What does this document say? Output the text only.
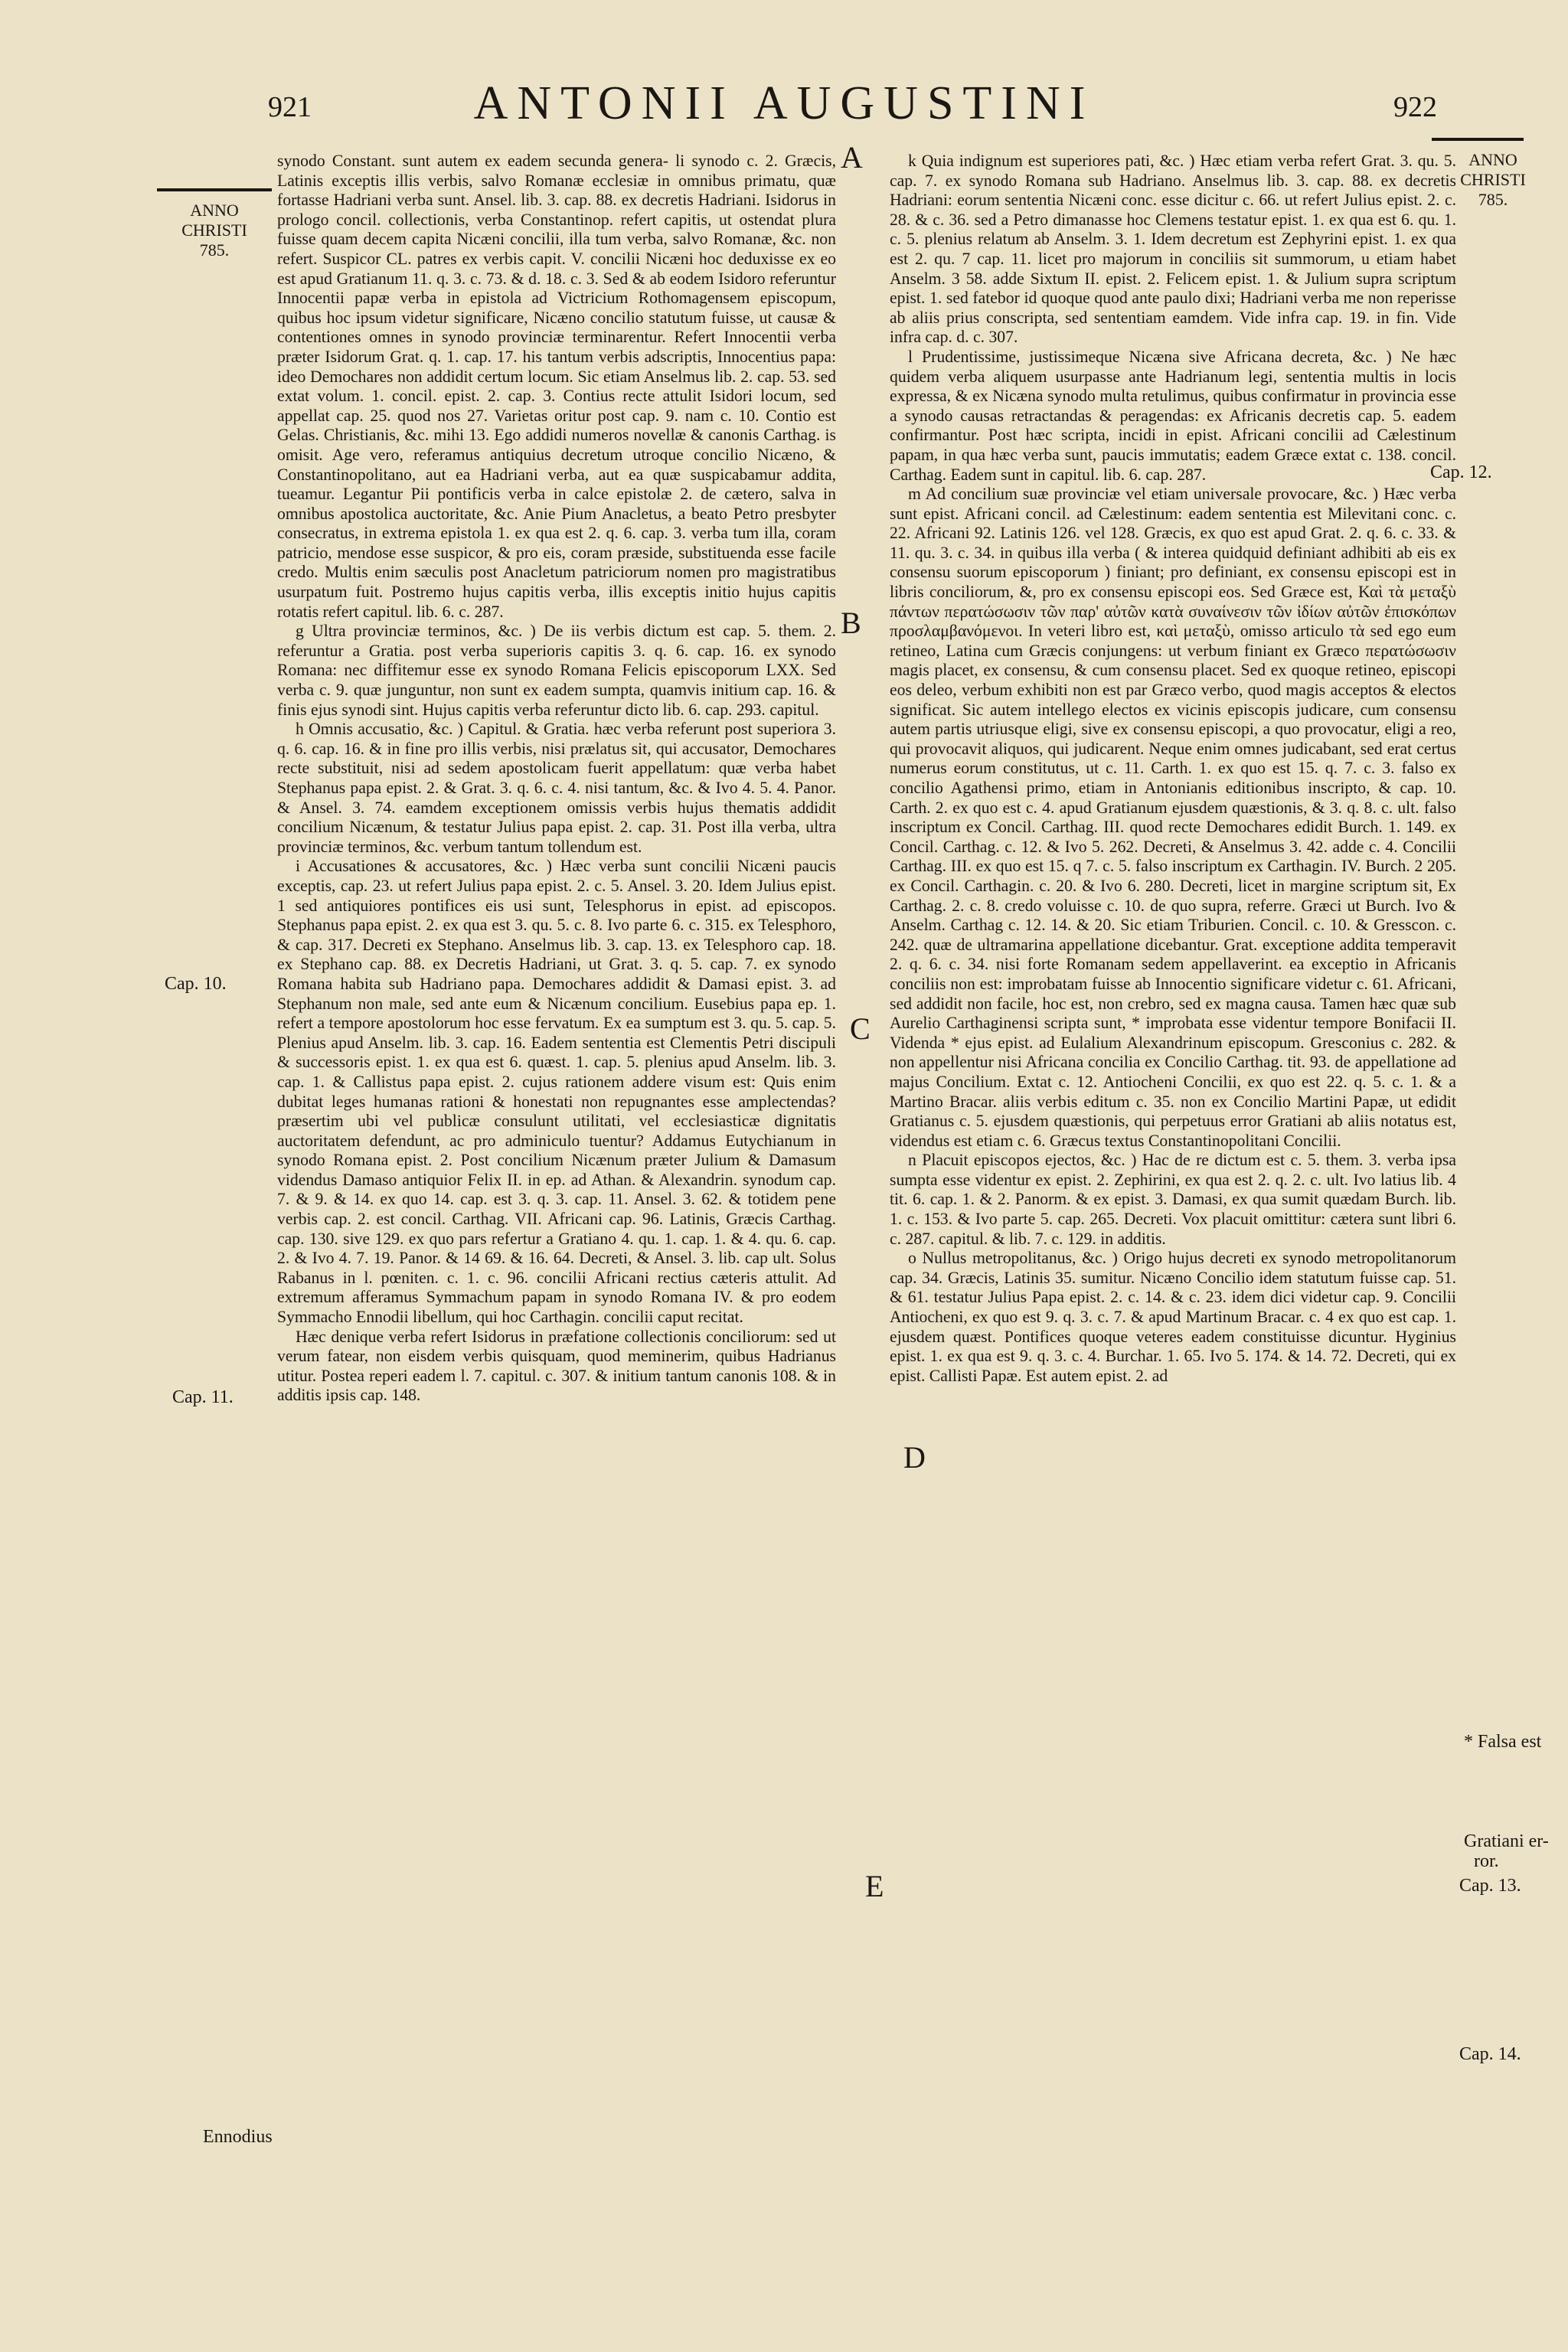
921	ANTONII AUGUSTINI	922
ANNO
CHRISTI
785.
ANNO
CHRISTI
785.
Cap. 10.
Cap. 11.
Ennodius
Cap. 12.
* Falsa est
Gratiani er-
ror.
Cap. 13.
Cap. 14.
A
B
C
D
E

synodo Constant. sunt autem ex eadem secunda genera- li synodo c. 2. Græcis, Latinis exceptis illis verbis, salvo Romanæ ecclesiæ in omnibus primatu, quæ fortasse Hadriani verba sunt. Ansel. lib. 3. cap. 88. ex decretis Hadriani. Isidorus in prologo concil. collectionis, verba Constantinop. refert capitis, ut ostendat plura fuisse quam decem capita Nicæni concilii, illa tum verba, salvo Romanæ, &c. non refert. Suspicor CL. patres ex verbis capit. V. concilii Nicæni hoc deduxisse ex eo est apud Gratianum 11. q. 3. c. 73. & d. 18. c. 3. Sed & ab eodem Isidoro referuntur Innocentii papæ verba in epistola ad Victricium Rothomagensem episcopum, quibus hoc ipsum videtur significare, Nicæno concilio statutum fuisse, ut causæ & contentiones omnes in synodo provinciæ terminarentur. Refert Innocentii verba præter Isidorum Grat. q. 1. cap. 17. his tantum verbis adscriptis, Innocentius papa: ideo Demochares non addidit certum locum. Sic etiam Anselmus lib. 2. cap. 53. sed extat volum. 1. concil. epist. 2. cap. 3. Contius recte attulit Isidori locum, sed appellat cap. 25. quod nos 27. Varietas oritur post cap. 9. nam c. 10. Contio est Gelas. Christianis, &c. mihi 13. Ego addidi numeros novellæ & canonis Carthag. is omisit. Age vero, referamus antiquius decretum utroque concilio Nicæno, & Constantinopolitano, aut ea Hadriani verba, aut ea quæ suspicabamur addita, tueamur. Legantur Pii pontificis verba in calce epistolæ 2. de cætero, salva in omnibus apostolica auctoritate, &c. Anie Pium Anacletus, a beato Petro presbyter consecratus, in extrema epistola 1. ex qua est 2. q. 6. cap. 3. verba tum illa, coram patricio, mendose esse suspicor, & pro eis, coram præside, substituenda esse facile credo. Multis enim sæculis post Anacletum patriciorum nomen pro magistratibus usurpatum fuit. Postremo hujus capitis verba, illis exceptis initio hujus capitis rotatis refert capitul. lib. 6. c. 287.

g Ultra provinciæ terminos, &c. ) De iis verbis dictum est cap. 5. them. 2. referuntur a Gratia. post verba superioris capitis 3. q. 6. cap. 16. ex synodo Romana: nec diffitemur esse ex synodo Romana Felicis episcoporum LXX. Sed verba c. 9. quæ junguntur, non sunt ex eadem sumpta, quamvis initium cap. 16. & finis ejus synodi sint. Hujus capitis verba referuntur dicto lib. 6. cap. 293. capitul.

h Omnis accusatio, &c. ) Capitul. & Gratia. hæc verba referunt post superiora 3. q. 6. cap. 16. & in fine pro illis verbis, nisi prælatus sit, qui accusator, Demochares recte substituit, nisi ad sedem apostolicam fuerit appellatum: quæ verba habet Stephanus papa epist. 2. & Grat. 3. q. 6. c. 4. nisi tantum, &c. & Ivo 4. 5. 4. Panor. & Ansel. 3. 74. eamdem exceptionem omissis verbis hujus thematis addidit concilium Nicænum, & testatur Julius papa epist. 2. cap. 31. Post illa verba, ultra provinciæ terminos, &c. verbum tantum tollendum est.

i Accusationes & accusatores, &c. ) Hæc verba sunt concilii Nicæni paucis exceptis, cap. 23. ut refert Julius papa epist. 2. c. 5. Ansel. 3. 20. Idem Julius epist. 1 sed antiquiores pontifices eis usi sunt, Telesphorus in epist. ad episcopos. Stephanus papa epist. 2. ex qua est 3. qu. 5. c. 8. Ivo parte 6. c. 315. ex Telesphoro, & cap. 317. Decreti ex Stephano. Anselmus lib. 3. cap. 13. ex Telesphoro cap. 18. ex Stephano cap. 88. ex Decretis Hadriani, ut Grat. 3. q. 5. cap. 7. ex synodo Romana habita sub Hadriano papa. Demochares addidit & Damasi epist. 3. ad Stephanum non male, sed ante eum & Nicænum concilium. Eusebius papa ep. 1. refert a tempore apostolorum hoc esse fervatum. Ex ea sumptum est 3. qu. 5. cap. 5. Plenius apud Anselm. lib. 3. cap. 16. Eadem sententia est Clementis Petri discipuli & successoris epist. 1. ex qua est 6. quæst. 1. cap. 5. plenius apud Anselm. lib. 3. cap. 1. & Callistus papa epist. 2. cujus rationem addere visum est: Quis enim dubitat leges humanas rationi & honestati non repugnantes esse amplectendas? præsertim ubi vel publicæ consulunt utilitati, vel ecclesiasticæ dignitatis auctoritatem defendunt, ac pro adminiculo tuentur? Addamus Eutychianum in synodo Romana epist. 2. Post concilium Nicænum præter Julium & Damasum videndus Damaso antiquior Felix II. in ep. ad Athan. & Alexandrin. synodum cap. 7. & 9. & 14. ex quo 14. cap. est 3. q. 3. cap. 11. Ansel. 3. 62. & totidem pene verbis cap. 2. est concil. Carthag. VII. Africani cap. 96. Latinis, Græcis Carthag. cap. 130. sive 129. ex quo pars refertur a Gratiano 4. qu. 1. cap. 1. & 4. qu. 6. cap. 2. & Ivo 4. 7. 19. Panor. & 14 69. & 16. 64. Decreti, & Ansel. 3. lib. cap ult. Solus Rabanus in l. pœniten. c. 1. c. 96. concilii Africani rectius cæteris attulit. Ad extremum afferamus Symmachum papam in synodo Romana IV. & pro eodem Symmacho Ennodii libellum, qui hoc Carthagin. concilii caput recitat.

Hæc denique verba refert Isidorus in præfatione collectionis conciliorum: sed ut verum fatear, non eisdem verbis quisquam, quod meminerim, quibus Hadrianus utitur. Postea reperi eadem l. 7. capitul. c. 307. & initium tantum canonis 108. & in additis ipsis cap. 148.

k Quia indignum est superiores pati, &c. ) Hæc etiam verba refert Grat. 3. qu. 5. cap. 7. ex synodo Romana sub Hadriano. Anselmus lib. 3. cap. 88. ex decretis Hadriani: eorum sententia Nicæni conc. esse dicitur c. 66. ut refert Julius epist. 2. c. 28. & c. 36. sed a Petro dimanasse hoc Clemens testatur epist. 1. ex qua est 6. qu. 1. c. 5. plenius relatum ab Anselm. 3. 1. Idem decretum est Zephyrini epist. 1. ex qua est 2. qu. 7 cap. 11. licet pro majorum in conciliis sit summorum, u etiam habet Anselm. 3 58. adde Sixtum II. epist. 2. Felicem epist. 1. & Julium supra scriptum epist. 1. sed fatebor id quoque quod ante paulo dixi; Hadriani verba me non reperisse ab aliis prius conscripta, sed sententiam eamdem. Vide infra cap. 19. in fin. Vide infra cap. d. c. 307.

l Prudentissime, justissimeque Nicæna sive Africana decreta, &c. ) Ne hæc quidem verba aliquem usurpasse ante Hadrianum legi, sententia multis in locis expressa, & ex Nicæna synodo multa retulimus, quibus confirmatur in provincia esse a synodo causas retractandas & peragendas: ex Africanis decretis cap. 5. eadem confirmantur. Post hæc scripta, incidi in epist. Africani concilii ad Cælestinum papam, in qua hæc verba sunt, paucis immutatis; eadem Græce extat c. 138. concil. Carthag. Eadem sunt in capitul. lib. 6. cap. 287.

m Ad concilium suæ provinciæ vel etiam universale provocare, &c. ) Hæc verba sunt epist. Africani concil. ad Cælestinum: eadem sententia est Milevitani conc. c. 22. Africani 92. Latinis 126. vel 128. Græcis, ex quo est apud Grat. 2. q. 6. c. 33. & 11. qu. 3. c. 34. in quibus illa verba ( & interea quidquid definiant adhibiti ab eis ex consensu suorum episcoporum ) finiant; pro definiant, ex consensu episcopi est in libris conciliorum, &, pro ex consensu episcopi eos. Sed Græce est, Καὶ τὰ μεταξὺ πάντων περατώσωσιν τῶν παρ' αὐτῶν κατὰ συναίνεσιν τῶν ἰδίων αὐτῶν ἐπισκόπων προσλαμβανόμενοι. In veteri libro est, καὶ μεταξὺ, omisso articulo τὰ sed ego eum retineo, Latina cum Græcis conjungens: ut verbum finiant ex Græco περατώσωσιν magis placet, ex consensu, & cum consensu placet. Sed ex quoque retineo, episcopi eos deleo, verbum exhibiti non est par Græco verbo, quod magis acceptos & electos significat. Sic autem intellego electos ex vicinis episcopis judicare, cum consensu autem partis utriusque eligi, sive ex consensu episcopi, a quo provocatur, eligi a reo, qui provocavit aliquos, qui judicarent. Neque enim omnes judicabant, sed erat certus numerus eorum constitutus, ut c. 11. Carth. 1. ex quo est 15. q. 7. c. 3. falso ex concilio Agathensi primo, etiam in Antonianis editionibus inscripto, & cap. 10. Carth. 2. ex quo est c. 4. apud Gratianum ejusdem quæstionis, & 3. q. 8. c. ult. falso inscriptum ex Concil. Carthag. III. quod recte Demochares edidit Burch. 1. 149. ex Concil. Carthag. c. 12. & Ivo 5. 262. Decreti, & Anselmus 3. 42. adde c. 4. Concilii Carthag. III. ex quo est 15. q 7. c. 5. falso inscriptum ex Carthagin. IV. Burch. 2 205. ex Concil. Carthagin. c. 20. & Ivo 6. 280. Decreti, licet in margine scriptum sit, Ex Carthag. 2. c. 8. credo voluisse c. 10. de quo supra, referre. Græci ut Burch. Ivo & Anselm. Carthag c. 12. 14. & 20. Sic etiam Triburien. Concil. c. 10. & Gresscon. c. 242. quæ de ultramarina appellatione dicebantur. Grat. exceptione addita temperavit 2. q. 6. c. 34. nisi forte Romanam sedem appellaverint. ea exceptio in Africanis conciliis non est: improbatam fuisse ab Innocentio significare videtur c. 61. Africani, sed addidit non facile, hoc est, non crebro, sed ex magna causa. Tamen hæc quæ sub Aurelio Carthaginensi scripta sunt, * improbata esse videntur tempore Bonifacii II. Videnda * ejus epist. ad Eulalium Alexandrinum episcopum. Gresconius c. 282. & non appellentur nisi Africana concilia ex Concilio Carthag. tit. 93. de appellatione ad majus Concilium. Extat c. 12. Antiocheni Concilii, ex quo est 22. q. 5. c. 1. & a Martino Bracar. aliis verbis editum c. 35. non ex Concilio Martini Papæ, ut edidit Gratianus c. 5. ejusdem quæstionis, qui perpetuus error Gratiani ab aliis notatus est, videndus est etiam c. 6. Græcus textus Constantinopolitani Concilii.

n Placuit episcopos ejectos, &c. ) Hac de re dictum est c. 5. them. 3. verba ipsa sumpta esse videntur ex epist. 2. Zephirini, ex qua est 2. q. 2. c. ult. Ivo latius lib. 4 tit. 6. cap. 1. & 2. Panorm. & ex epist. 3. Damasi, ex qua sumit quædam Burch. lib. 1. c. 153. & Ivo parte 5. cap. 265. Decreti. Vox placuit omittitur: cætera sunt libri 6. c. 287. capitul. & lib. 7. c. 129. in additis.

o Nullus metropolitanus, &c. ) Origo hujus decreti ex synodo metropolitanorum cap. 34. Græcis, Latinis 35. sumitur. Nicæno Concilio idem statutum fuisse cap. 51. & 61. testatur Julius Papa epist. 2. c. 14. & c. 23. idem dici videtur cap. 9. Concilii Antiocheni, ex quo est 9. q. 3. c. 7. & apud Martinum Bracar. c. 4 ex quo est cap. 1. ejusdem quæst. Pontifices quoque veteres eadem constituisse dicuntur. Hyginius epist. 1. ex qua est 9. q. 3. c. 4. Burchar. 1. 65. Ivo 5. 174. & 14. 72. Decreti, qui ex epist. Callisti Papæ. Est autem epist. 2. ad
